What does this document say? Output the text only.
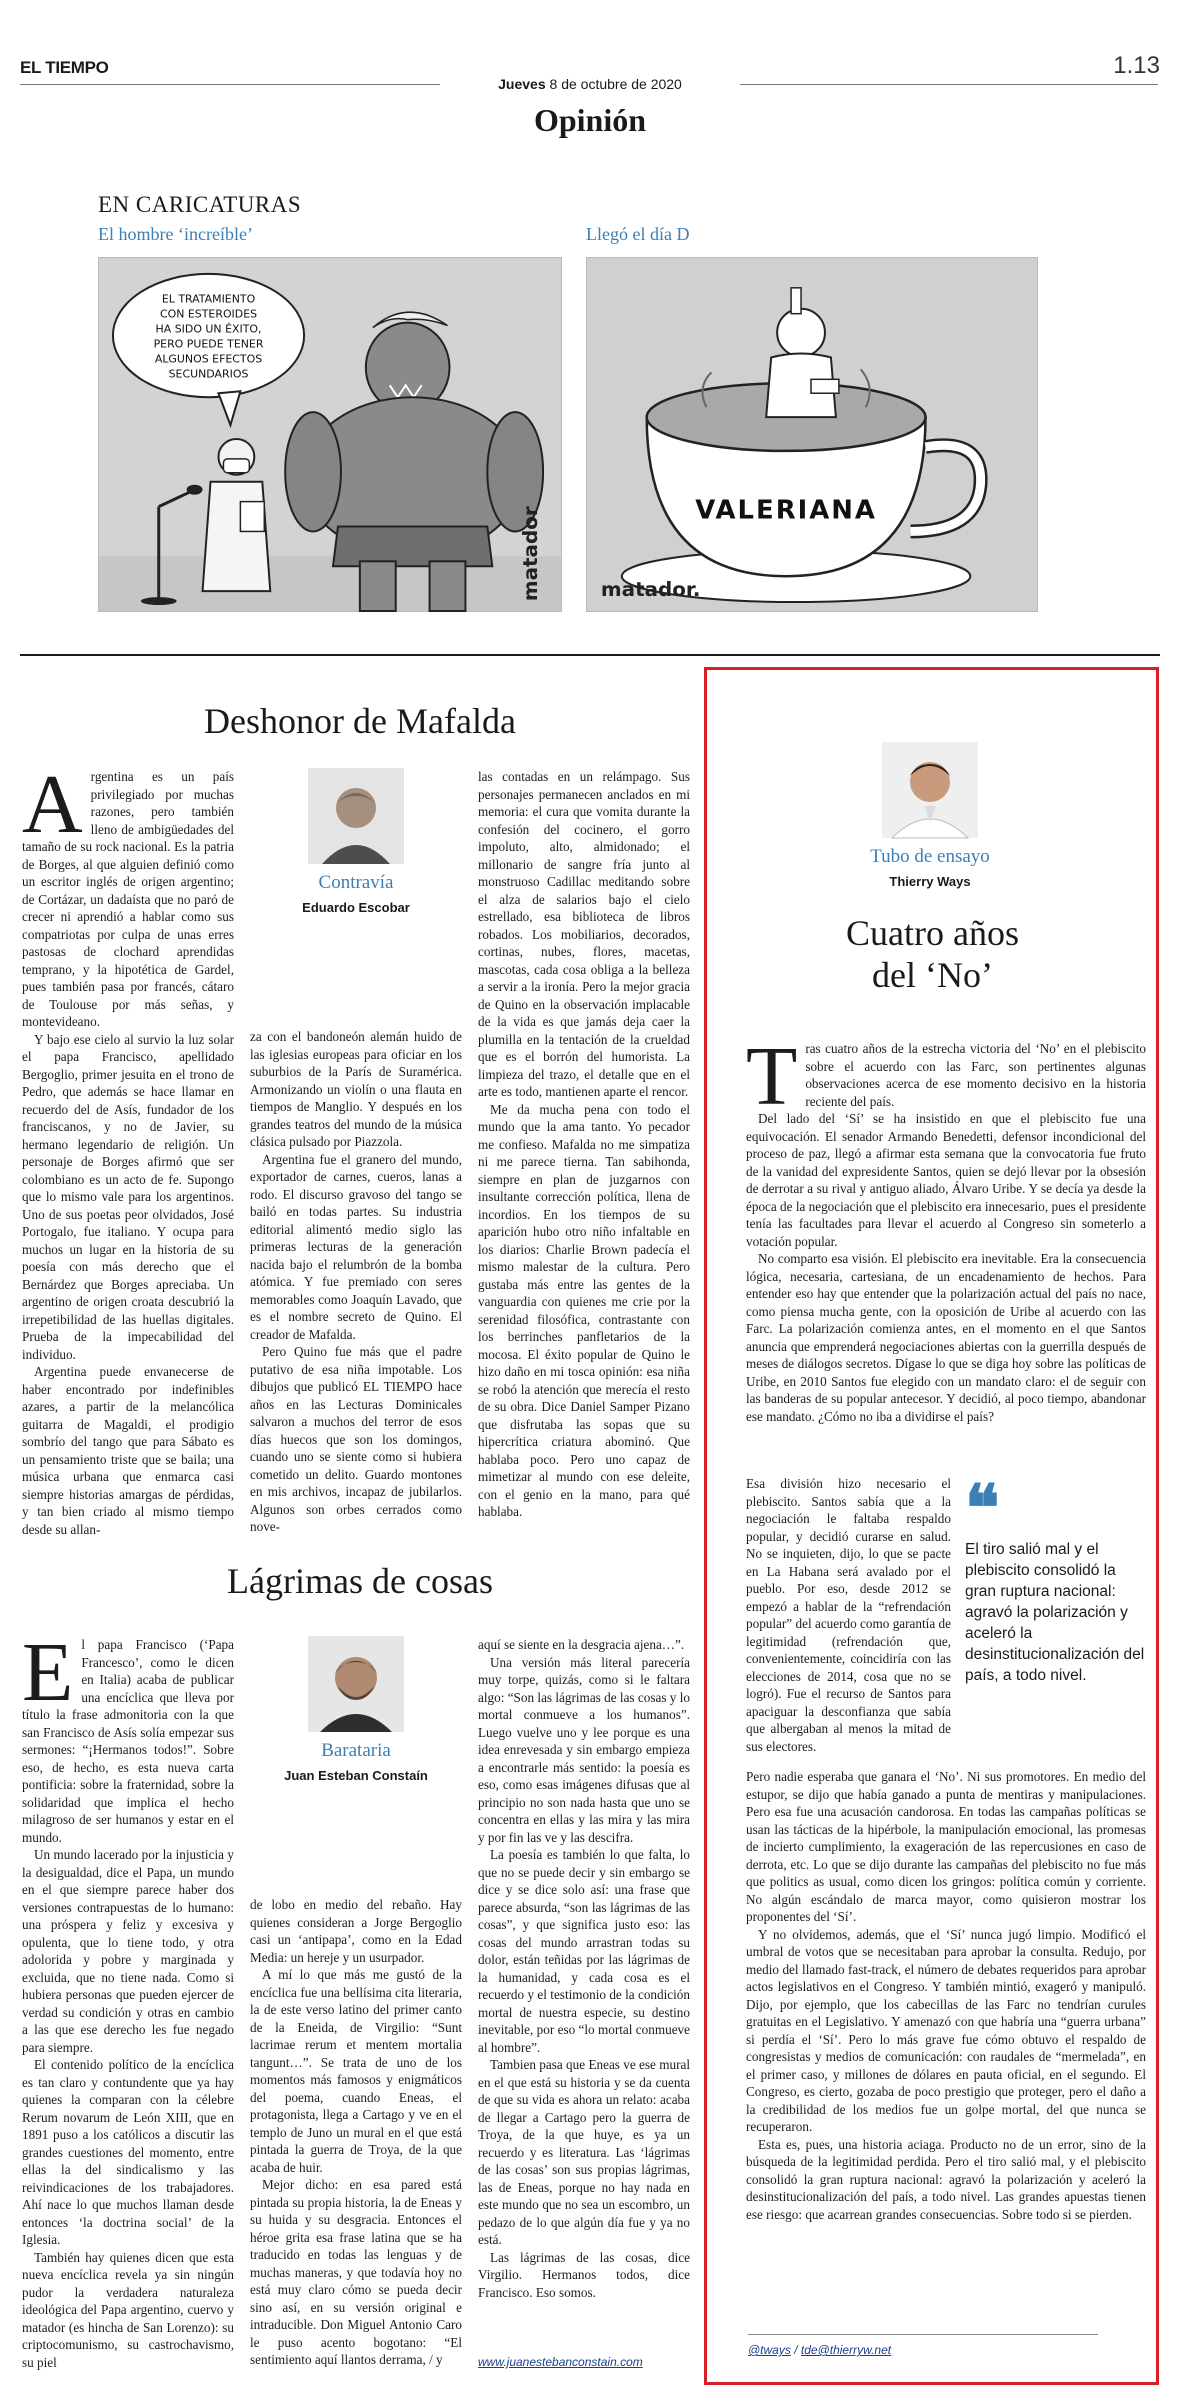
EL TIEMPO	1.13
Jueves 8 de octubre de 2020
Opinión
EN CARICATURAS
El hombre ‘increíble’	Llegó el día D
EL TRATAMIENTO
CON ESTEROIDES
HA SIDO UN ÉXITO,
PERO PUEDE TENER
ALGUNOS EFECTOS
SECUNDARIOS
matador	VALERIANA
matador.
Deshonor de Mafalda

Argentina es un país privilegiado por muchas razones, pero también lleno de ambigüedades del tamaño de su rock nacional. Es la patria de Borges, al que alguien definió como un escritor inglés de origen argentino; de Cortázar, un dadaísta que no paró de crecer ni aprendió a hablar como sus compatriotas por culpa de unas erres pastosas de clochard aprendidas temprano, y la hipotética de Gardel, pues también pasa por francés, cátaro de Toulouse por más señas, y montevideano.

Y bajo ese cielo al survio la luz solar el papa Francisco, apellidado Bergoglio, primer jesuita en el trono de Pedro, que además se hace llamar en recuerdo del de Asís, fundador de los franciscanos, y no de Javier, su hermano legendario de religión. Un personaje de Borges afirmó que ser colombiano es un acto de fe. Supongo que lo mismo vale para los argentinos. Uno de sus poetas peor olvidados, José Portogalo, fue italiano. Y ocupa para muchos un lugar en la historia de su poesía con más derecho que el Bernárdez que Borges apreciaba. Un argentino de origen croata descubrió la irrepetibilidad de las huellas digitales. Prueba de la impecabilidad del individuo.

Argentina puede envanecerse de haber encontrado por indefinibles azares, a partir de la melancólica guitarra de Magaldi, el prodigio sombrío del tango que para Sábato es un pensamiento triste que se baila; una música urbana que enmarca casi siempre historias amargas de pérdidas, y tan bien criado al mismo tiempo desde su allan-

Contravía
Eduardo Escobar

za con el bandoneón alemán huido de las iglesias europeas para oficiar en los suburbios de la París de Suramérica. Armonizando un violín o una flauta en tiempos de Manglio. Y después en los grandes teatros del mundo de la música clásica pulsado por Piazzola.

Argentina fue el granero del mundo, exportador de carnes, cueros, lanas a rodo. El discurso gravoso del tango se bailó en todas partes. Su industria editorial alimentó medio siglo las primeras lecturas de la generación nacida bajo el relumbrón de la bomba atómica. Y fue premiado con seres memorables como Joaquín Lavado, que es el nombre secreto de Quino. El creador de Mafalda.

Pero Quino fue más que el padre putativo de esa niña impotable. Los dibujos que publicó EL TIEMPO hace años en las Lecturas Dominicales salvaron a muchos del terror de esos días huecos que son los domingos, cuando uno se siente como si hubiera cometido un delito. Guardo montones en mis archivos, incapaz de jubilarlos. Algunos son orbes cerrados como nove-

las contadas en un relámpago. Sus personajes permanecen anclados en mi memoria: el cura que vomita durante la confesión del cocinero, el gorro impoluto, alto, almidonado; el millonario de sangre fría junto al monstruoso Cadillac meditando sobre el alza de salarios bajo el cielo estrellado, esa biblioteca de libros robados. Los mobiliarios, decorados, cortinas, nubes, flores, macetas, mascotas, cada cosa obliga a la belleza a servir a la ironía. Pero la mejor gracia de Quino en la observación implacable de la vida es que jamás deja caer la plumilla en la tentación de la crueldad que es el borrón del humorista. La limpieza del trazo, el detalle que en el arte es todo, mantienen aparte el rencor.

Me da mucha pena con todo el mundo que la ama tanto. Yo pecador me confieso. Mafalda no me simpatiza ni me parece tierna. Tan sabihonda, siempre en plan de juzgarnos con insultante corrección política, llena de incordios. En los tiempos de su aparición hubo otro niño infaltable en los diarios: Charlie Brown padecía el mismo malestar de la cultura. Pero gustaba más entre las gentes de la vanguardia con quienes me crie por la serenidad filosófica, contrastante con los berrinches panfletarios de la mocosa. El éxito popular de Quino le hizo daño en mi tosca opinión: esa niña se robó la atención que merecía el resto de su obra. Dice Daniel Samper Pizano que disfrutaba las sopas que su hipercrítica criatura abominó. Que hablaba poco. Pero uno capaz de mimetizar al mundo con ese deleite, con el genio en la mano, para qué hablaba.

Lágrimas de cosas

El papa Francisco (‘Papa Francesco’, como le dicen en Italia) acaba de publicar una encíclica que lleva por título la frase admonitoria con la que san Francisco de Asís solía empezar sus sermones: “¡Hermanos todos!”. Sobre eso, de hecho, es esta nueva carta pontificia: sobre la fraternidad, sobre la solidaridad que implica el hecho milagroso de ser humanos y estar en el mundo.

Un mundo lacerado por la injusticia y la desigualdad, dice el Papa, un mundo en el que siempre parece haber dos versiones contrapuestas de lo humano: una próspera y feliz y excesiva y opulenta, que lo tiene todo, y otra adolorida y pobre y marginada y excluida, que no tiene nada. Como si hubiera personas que pueden ejercer de verdad su condición y otras en cambio a las que ese derecho les fue negado para siempre.

El contenido político de la encíclica es tan claro y contundente que ya hay quienes la comparan con la célebre Rerum novarum de León XIII, que en 1891 puso a los católicos a discutir las grandes cuestiones del momento, entre ellas la del sindicalismo y las reivindicaciones de los trabajadores. Ahí nace lo que muchos llaman desde entonces ‘la doctrina social’ de la Iglesia.

También hay quienes dicen que esta nueva encíclica revela ya sin ningún pudor la verdadera naturaleza ideológica del Papa argentino, cuervo y matador (es hincha de San Lorenzo): su criptocomunismo, su castrochavismo, su piel

Barataria
Juan Esteban Constaín

de lobo en medio del rebaño. Hay quienes consideran a Jorge Bergoglio casi un ‘antipapa’, como en la Edad Media: un hereje y un usurpador.

A mí lo que más me gustó de la encíclica fue una bellísima cita literaria, la de este verso latino del primer canto de la Eneida, de Virgilio: “Sunt lacrimae rerum et mentem mortalia tangunt…”. Se trata de uno de los momentos más famosos y enigmáticos del poema, cuando Eneas, el protagonista, llega a Cartago y ve en el templo de Juno un mural en el que está pintada la guerra de Troya, de la que acaba de huir.

Mejor dicho: en esa pared está pintada su propia historia, la de Eneas y su huida y su desgracia. Entonces el héroe grita esa frase latina que se ha traducido en todas las lenguas y de muchas maneras, y que todavía hoy no está muy claro cómo se pueda decir sino así, en su versión original e intraducible. Don Miguel Antonio Caro le puso acento bogotano: “El sentimiento aquí llantos derrama, / y

aquí se siente en la desgracia ajena…”.

Una versión más literal parecería muy torpe, quizás, como si le faltara algo: “Son las lágrimas de las cosas y lo mortal conmueve a los humanos”. Luego vuelve uno y lee porque es una idea enrevesada y sin embargo empieza a encontrarle más sentido: la poesía es eso, como esas imágenes difusas que al principio no son nada hasta que uno se concentra en ellas y las mira y las mira y por fin las ve y las descifra.

La poesía es también lo que falta, lo que no se puede decir y sin embargo se dice y se dice solo así: una frase que parece absurda, “son las lágrimas de las cosas”, y que significa justo eso: las cosas del mundo arrastran todas su dolor, están teñidas por las lágrimas de la humanidad, y cada cosa es el recuerdo y el testimonio de la condición mortal de nuestra especie, su destino inevitable, por eso “lo mortal conmueve al hombre”.

Tambien pasa que Eneas ve ese mural en el que está su historia y se da cuenta de que su vida es ahora un relato: acaba de llegar a Cartago pero la guerra de Troya, de la que huye, es ya un recuerdo y es literatura. Las ‘lágrimas de las cosas’ son sus propias lágrimas, las de Eneas, porque no hay nada en este mundo que no sea un escombro, un pedazo de lo que algún día fue y ya no está.

Las lágrimas de las cosas, dice Virgilio. Hermanos todos, dice Francisco. Eso somos.

www.juanestebanconstain.com
Tubo de ensayo
Thierry Ways
Cuatro años
del ‘No’

Tras cuatro años de la estrecha victoria del ‘No’ en el plebiscito sobre el acuerdo con las Farc, son pertinentes algunas observaciones acerca de ese momento decisivo en la historia reciente del país.

Del lado del ‘Sí’ se ha insistido en que el plebiscito fue una equivocación. El senador Armando Benedetti, defensor incondicional del proceso de paz, llegó a afirmar esta semana que la convocatoria fue fruto de la vanidad del expresidente Santos, quien se dejó llevar por la obsesión de derrotar a su rival y antiguo aliado, Álvaro Uribe. Y se decía ya desde la época de la negociación que el plebiscito era innecesario, pues el presidente tenía las facultades para llevar el acuerdo al Congreso sin someterlo a votación popular.

No comparto esa visión. El plebiscito era inevitable. Era la consecuencia lógica, necesaria, cartesiana, de un encadenamiento de hechos. Para entender eso hay que entender que la polarización actual del país no nace, como piensa mucha gente, con la oposición de Uribe al acuerdo con las Farc. La polarización comienza antes, en el momento en el que Santos anuncia que emprenderá negociaciones abiertas con la guerrilla después de meses de diálogos secretos. Dígase lo que se diga hoy sobre las políticas de Uribe, en 2010 Santos fue elegido con un mandato claro: el de seguir con las banderas de su popular antecesor. Y decidió, al poco tiempo, abandonar ese mandato. ¿Cómo no iba a dividirse el país?

Esa división hizo necesario el plebiscito. Santos sabía que a la negociación le faltaba respaldo popular, y decidió curarse en salud. No se inquieten, dijo, lo que se pacte en La Habana será avalado por el pueblo. Por eso, desde 2012 se empezó a hablar de la “refrendación popular” del acuerdo como garantía de legitimidad (refrendación que, convenientemente, coincidiría con las elecciones de 2014, cosa que no se logró). Fue el recurso de Santos para apaciguar la desconfianza que sabía que albergaban al menos la mitad de sus electores.

❝
El tiro salió mal y el plebiscito consolidó la gran ruptura nacional: agravó la polarización y aceleró la desinstitucionalización del país, a todo nivel.

Pero nadie esperaba que ganara el ‘No’. Ni sus promotores. En medio del estupor, se dijo que había ganado a punta de mentiras y manipulaciones. Pero esa fue una acusación candorosa. En todas las campañas políticas se usan las tácticas de la hipérbole, la manipulación emocional, las promesas de incierto cumplimiento, la exageración de las repercusiones en caso de derrota, etc. Lo que se dijo durante las campañas del plebiscito no fue más que politics as usual, como dicen los gringos: política común y corriente. No algún escándalo de marca mayor, como quisieron mostrar los proponentes del ‘Sí’.

Y no olvidemos, además, que el ‘Sí’ nunca jugó limpio. Modificó el umbral de votos que se necesitaban para aprobar la consulta. Redujo, por medio del llamado fast-track, el número de debates requeridos para aprobar actos legislativos en el Congreso. Y también mintió, exageró y manipuló. Dijo, por ejemplo, que los cabecillas de las Farc no tendrían curules gratuitas en el Legislativo. Y amenazó con que habría una “guerra urbana” si perdía el ‘Sí’. Pero lo más grave fue cómo obtuvo el respaldo de congresistas y medios de comunicación: con raudales de “mermelada”, en el primer caso, y millones de dólares en pauta oficial, en el segundo. El Congreso, es cierto, gozaba de poco prestigio que proteger, pero el daño a la credibilidad de los medios fue un golpe mortal, del que nunca se recuperaron.

Esta es, pues, una historia aciaga. Producto no de un error, sino de la búsqueda de la legitimidad perdida. Pero el tiro salió mal, y el plebiscito consolidó la gran ruptura nacional: agravó la polarización y aceleró la desinstitucionalización del país, a todo nivel. Las grandes apuestas tienen ese riesgo: que acarrean grandes consecuencias. Sobre todo si se pierden.

@tways / tde@thierryw.net
